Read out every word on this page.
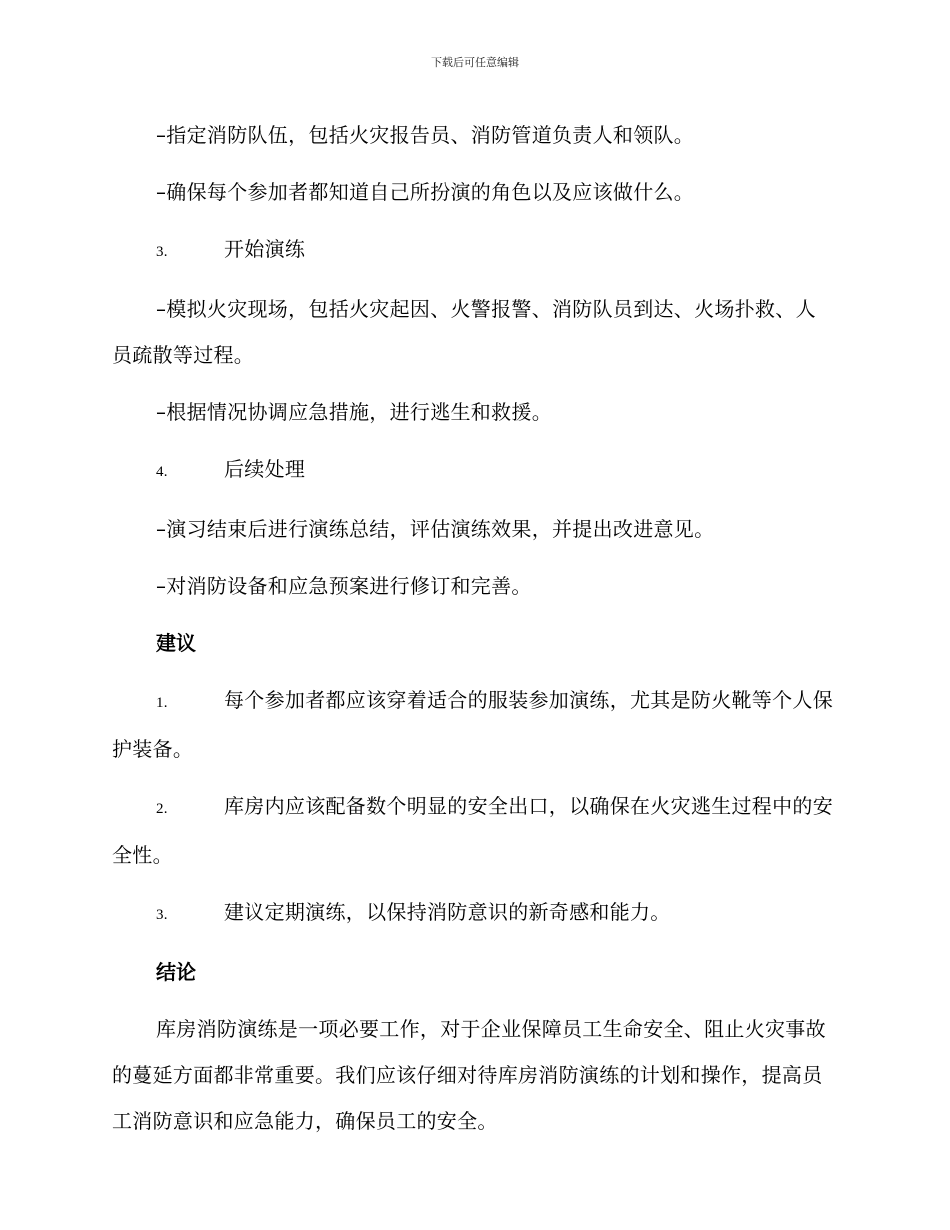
下载后可任意编辑

–指定消防队伍，包括火灾报告员、消防管道负责人和领队。

–确保每个参加者都知道自己所扮演的角色以及应该做什么。

3.	开始演练

–模拟火灾现场，包括火灾起因、火警报警、消防队员到达、火场扑救、人员疏散等过程。

–根据情况协调应急措施，进行逃生和救援。

4.	后续处理

–演习结束后进行演练总结，评估演练效果，并提出改进意见。

–对消防设备和应急预案进行修订和完善。

建议

1.	每个参加者都应该穿着适合的服装参加演练，尤其是防火靴等个人保护装备。

2.	库房内应该配备数个明显的安全出口，以确保在火灾逃生过程中的安全性。

3.	建议定期演练，以保持消防意识的新奇感和能力。

结论

库房消防演练是一项必要工作，对于企业保障员工生命安全、阻止火灾事故的蔓延方面都非常重要。我们应该仔细对待库房消防演练的计划和操作，提高员工消防意识和应急能力，确保员工的安全。
